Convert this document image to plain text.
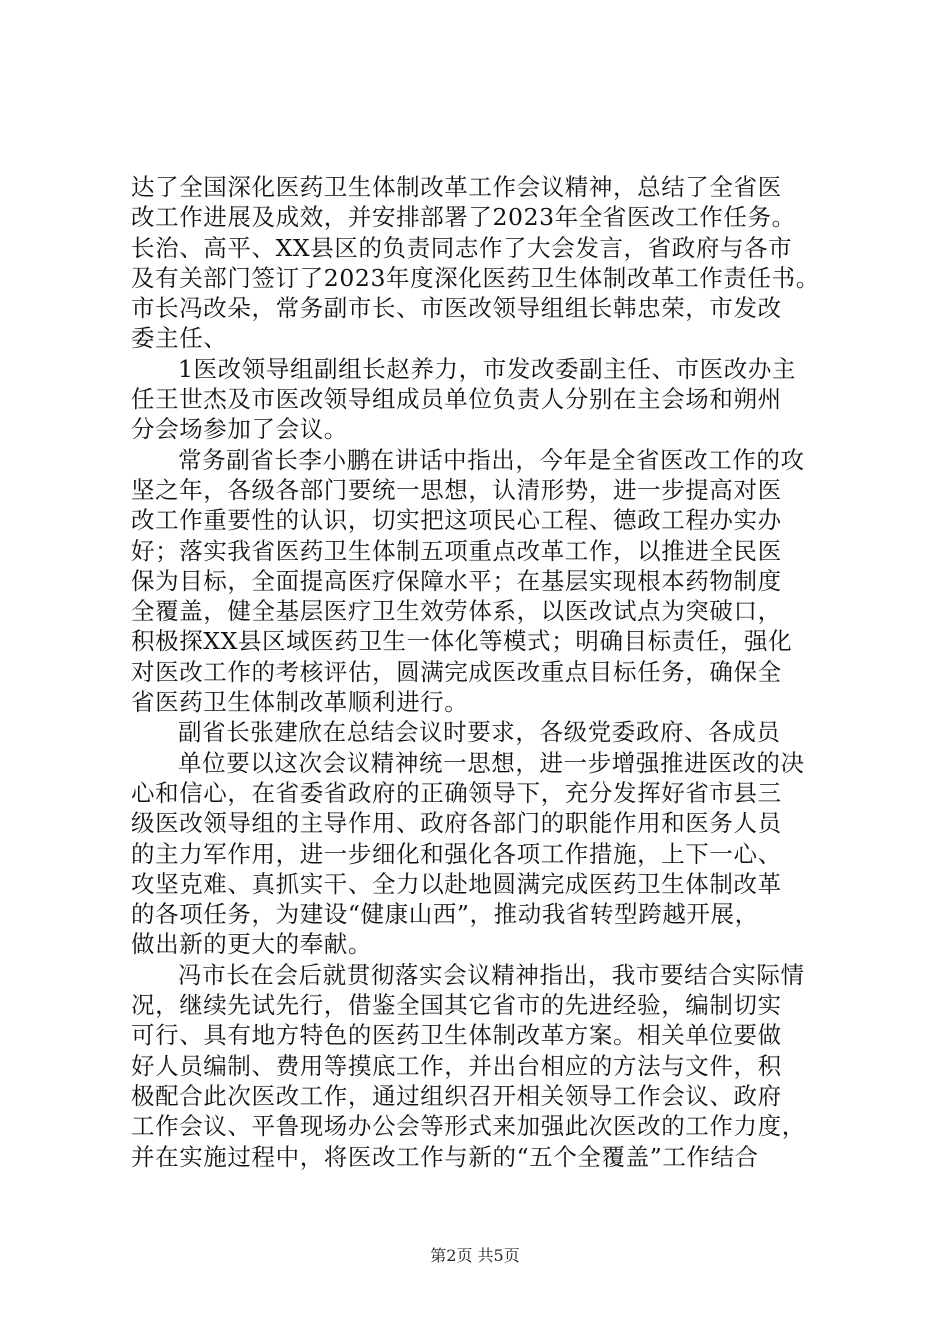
达了全国深化医药卫生体制改革工作会议精神，总结了全省医
改工作进展及成效，并安排部署了2023年全省医改工作任务。
长治、高平、XX县区的负责同志作了大会发言，省政府与各市
及有关部门签订了2023年度深化医药卫生体制改革工作责任书。
市长冯改朵，常务副市长、市医改领导组组长韩忠荣，市发改
委主任、
1医改领导组副组长赵养力，市发改委副主任、市医改办主
任王世杰及市医改领导组成员单位负责人分别在主会场和朔州
分会场参加了会议。
常务副省长李小鹏在讲话中指出，今年是全省医改工作的攻
坚之年，各级各部门要统一思想，认清形势，进一步提高对医
改工作重要性的认识，切实把这项民心工程、德政工程办实办
好；落实我省医药卫生体制五项重点改革工作，以推进全民医
保为目标，全面提高医疗保障水平；在基层实现根本药物制度
全覆盖，健全基层医疗卫生效劳体系，以医改试点为突破口，
积极探XX县区域医药卫生一体化等模式；明确目标责任，强化
对医改工作的考核评估，圆满完成医改重点目标任务，确保全
省医药卫生体制改革顺利进行。
副省长张建欣在总结会议时要求，各级党委政府、各成员
单位要以这次会议精神统一思想，进一步增强推进医改的决
心和信心，在省委省政府的正确领导下，充分发挥好省市县三
级医改领导组的主导作用、政府各部门的职能作用和医务人员
的主力军作用，进一步细化和强化各项工作措施，上下一心、
攻坚克难、真抓实干、全力以赴地圆满完成医药卫生体制改革
的各项任务，为建设“健康山西”，推动我省转型跨越开展，
做出新的更大的奉献。
冯市长在会后就贯彻落实会议精神指出，我市要结合实际情
况，继续先试先行，借鉴全国其它省市的先进经验，编制切实
可行、具有地方特色的医药卫生体制改革方案。相关单位要做
好人员编制、费用等摸底工作，并出台相应的方法与文件，积
极配合此次医改工作，通过组织召开相关领导工作会议、政府
工作会议、平鲁现场办公会等形式来加强此次医改的工作力度，
并在实施过程中，将医改工作与新的“五个全覆盖”工作结合
第2页 共5页
